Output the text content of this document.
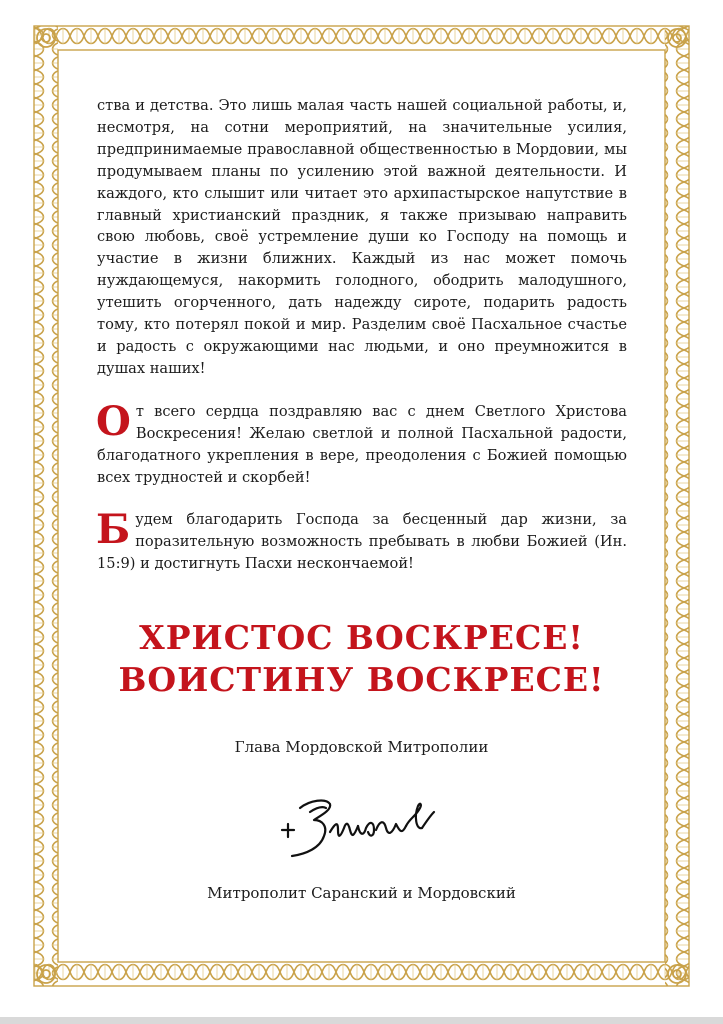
ства и детства. Это лишь малая часть нашей социальной работы, и, несмотря, на сотни мероприятий, на значительные усилия, предпринимаемые православной общественностью в Мордовии, мы продумываем планы по усилению этой важной деятельности. И каждого, кто слышит или читает это архипастырское напутствие в главный христианский праздник, я также призываю направить свою любовь, своё устремление души ко Господу на помощь и участие в жизни ближних. Каждый из нас может помочь нуждающемуся, накормить голодного, ободрить малодушного, утешить огорченного, дать надежду сироте, подарить радость тому, кто потерял покой и мир. Разделим своё Пасхальное счастье и радость с окружающими нас людьми, и оно преумножится в душах наших!

От всего сердца поздравляю вас с днем Светлого Христова Воскресения! Желаю светлой и полной Пасхальной радости, благодатного укрепления в вере, преодоления с Божией помощью всех трудностей и скорбей!

Будем благодарить Господа за бесценный дар жизни, за поразительную возможность пребывать в любви Божией (Ин. 15:9) и достигнуть Пасхи нескончаемой!

ХРИСТОС ВОСКРЕСЕ!
ВОИСТИНУ ВОСКРЕСЕ!
Глава Мордовской Митрополии
Митрополит Саранский и Мордовский
